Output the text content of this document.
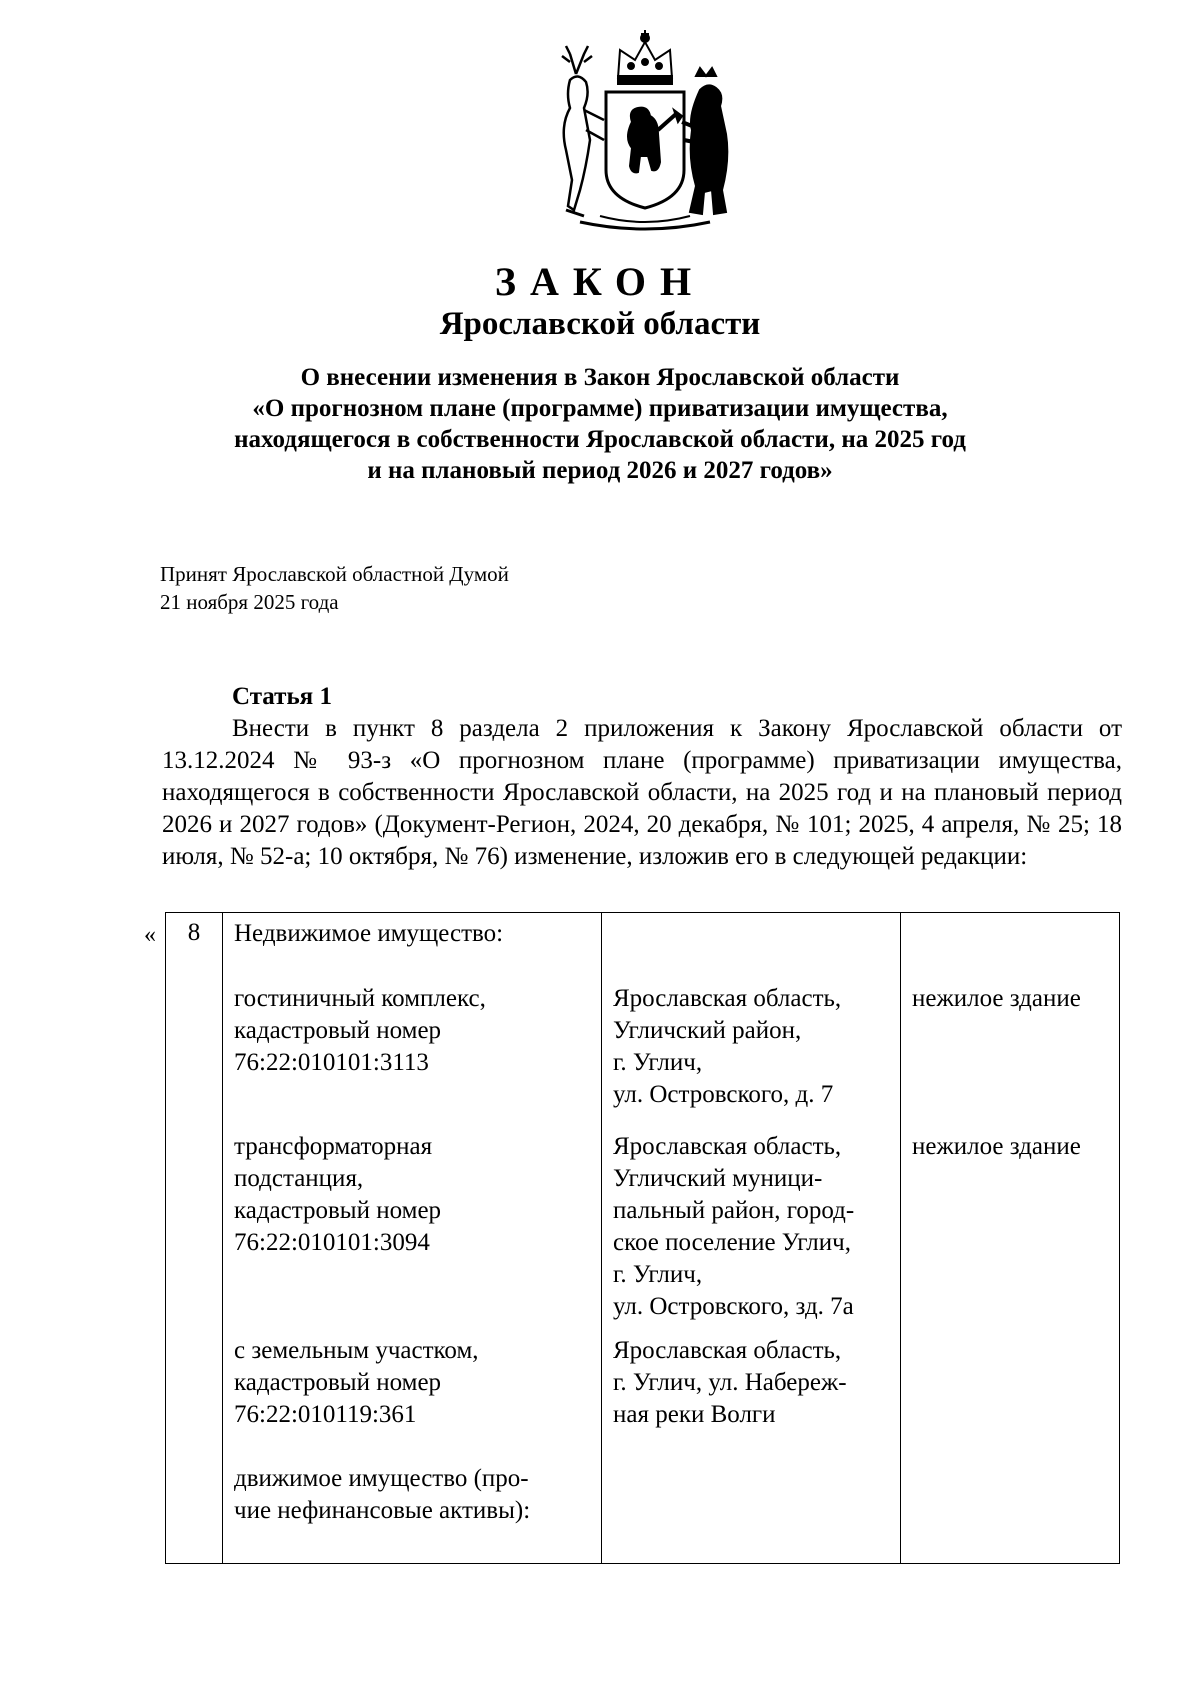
ЗАКОН
Ярославской области
О внесении изменения в Закон Ярославской области
«О прогнозном плане (программе) приватизации имущества,
находящегося в собственности Ярославской области, на 2025 год
и на плановый период 2026 и 2027 годов»
Принят Ярославской областной Думой
21 ноября 2025 года
Статья 1
Внести в пункт 8 раздела 2 приложения к Закону Ярославской области от 13.12.2024 № 93-з «О прогнозном плане (программе) приватизации имущества, находящегося в собственности Ярославской области, на 2025 год и на плановый период 2026 и 2027 годов» (Документ-Регион, 2024, 20 декабря, № 101; 2025, 4 апреля, № 25; 18 июля, № 52-а; 10 октября, № 76) изменение, изложив его в следующей редакции:
«	8	Недвижимое имущество:
гостиничный комплекс,
кадастровый номер
76:22:010101:3113
Ярославская область,
Угличский район,
г. Углич,
ул. Островского, д. 7
нежилое здание
трансформаторная
подстанция,
кадастровый номер
76:22:010101:3094
Ярославская область,
Угличский муници-
пальный район, город-
ское поселение Углич,
г. Углич,
ул. Островского, зд. 7а
нежилое здание
с земельным участком,
кадастровый номер
76:22:010119:361
Ярославская область,
г. Углич, ул. Набереж-
ная реки Волги
движимое имущество (про-
чие нефинансовые активы):
